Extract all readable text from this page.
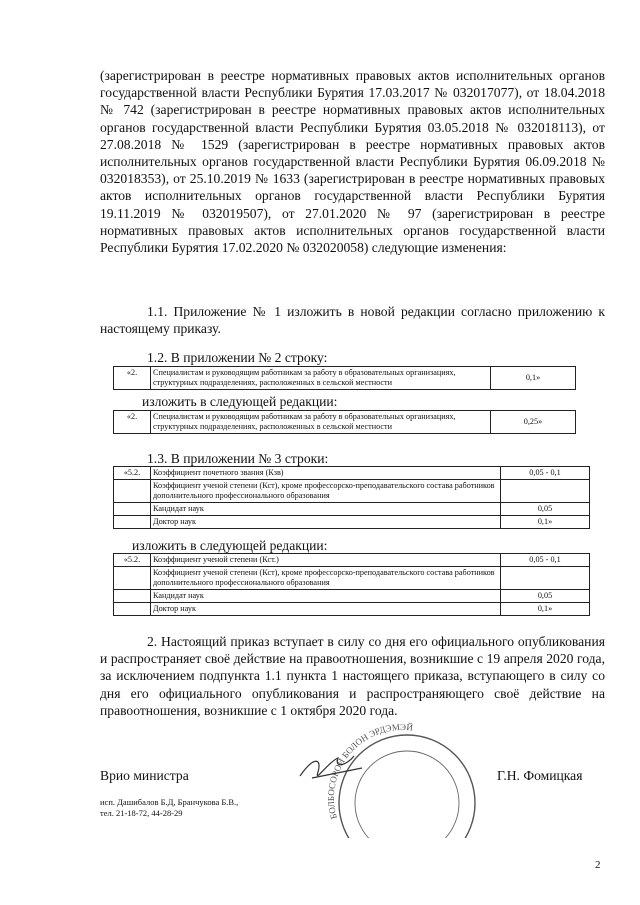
(зарегистрирован в реестре нормативных правовых актов исполнительных органов государственной власти Республики Бурятия 17.03.2017 № 032017077), от 18.04.2018 № 742 (зарегистрирован в реестре нормативных правовых актов исполнительных органов государственной власти Республики Бурятия 03.05.2018 № 032018113), от 27.08.2018 № 1529 (зарегистрирован в реестре нормативных правовых актов исполнительных органов государственной власти Республики Бурятия 06.09.2018 № 032018353), от 25.10.2019 № 1633 (зарегистрирован в реестре нормативных правовых актов исполнительных органов государственной власти Республики Бурятия 19.11.2019 № 032019507), от 27.01.2020 № 97 (зарегистрирован в реестре нормативных правовых актов исполнительных органов государственной власти Республики Бурятия 17.02.2020 № 032020058) следующие изменения:
1.1. Приложение № 1 изложить в новой редакции согласно приложению к настоящему приказу.
1.2. В приложении № 2 строку:
«2.	Специалистам и руководящим работникам за работу в образовательных организациях, структурных подразделениях, расположенных в сельской местности	0,1»
изложить в следующей редакции:
«2.	Специалистам и руководящим работникам за работу в образовательных организациях, структурных подразделениях, расположенных в сельской местности	0,25»
1.3. В приложении № 3 строки:
«5.2.	Коэффициент почетного звания (Кзв)	0,05 - 0,1
	Коэффициент ученой степени (Кст), кроме профессорско-преподавательского состава работников дополнительного профессионального образования	
	Кандидат наук	0,05
	Доктор наук	0,1»
изложить в следующей редакции:
«5.2.	Коэффициент ученой степени (Кст.)	0,05 - 0,1
	Коэффициент ученой степени (Кст), кроме профессорско-преподавательского состава работников дополнительного профессионального образования	
	Кандидат наук	0,05
	Доктор наук	0,1»
2. Настоящий приказ вступает в силу со дня его официального опубликования и распространяет своё действие на правоотношения, возникшие с 19 апреля 2020 года, за исключением подпункта 1.1 пункта 1 настоящего приказа, вступающего в силу со дня его официального опубликования и распространяющего своё действие на правоотношения, возникшие с 1 октября 2020 года.
БОЛБОСОРОЙ БОЛОН ЭРДЭМЭЙ
Врио министра	Г.Н. Фомицкая
исп. Дашибалов Б.Д, Бранчукова Б.В.,
тел. 21-18-72, 44-28-29
2
